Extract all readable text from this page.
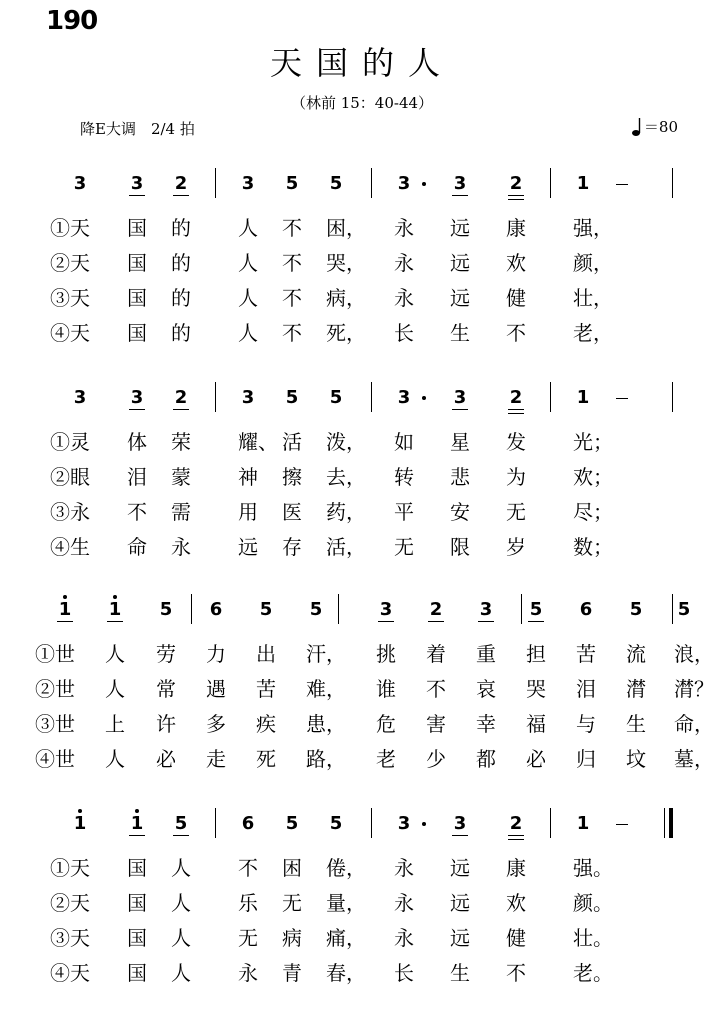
190
天国的人
（林前 15：40-44）
降E大调　2/4 拍	＝80
3 3 2	3 5 5	3 3 2	1
①天 国 的 人 不 困， 永 远 康 强，
②天 国 的 人 不 哭， 永 远 欢 颜，
③天 国 的 人 不 病， 永 远 健 壮，
④天 国 的 人 不 死， 长 生 不 老，
3 3 2	3 5 5	3 3 2	1
①灵 体 荣 耀、 活 泼， 如 星 发 光；
②眼 泪 蒙 神 擦 去， 转 悲 为 欢；
③永 不 需 用 医 药， 平 安 无 尽；
④生 命 永 远 存 活， 无 限 岁 数；
1 1 5 6 5 5	3 2 3 5 6 5 5
①世 人 劳 力 出 汗， 挑 着 重 担 苦 流 浪，
②世 人 常 遇 苦 难， 谁 不 哀 哭 泪 潸 潸？
③世 上 许 多 疾 患， 危 害 幸 福 与 生 命，
④世 人 必 走 死 路， 老 少 都 必 归 坟 墓，
1 1 5	6 5 5	3 3 2	1
①天 国 人 不 困 倦， 永 远 康 强。
②天 国 人 乐 无 量， 永 远 欢 颜。
③天 国 人 无 病 痛， 永 远 健 壮。
④天 国 人 永 青 春， 长 生 不 老。
